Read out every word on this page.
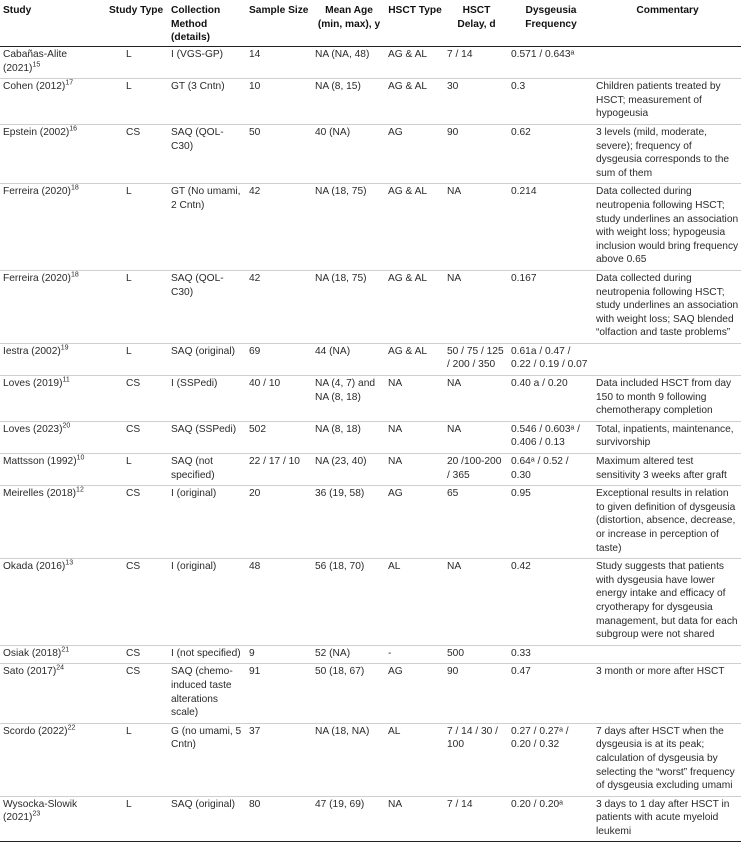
Study	Study Type	Collection Method (details)	Sample Size	Mean Age (min, max), y	HSCT Type	HSCT Delay, d	Dysgeusia Frequency	Commentary
Cabañas-Alite $(2021)^{15}$	L	I (VGS-GP)	14	NA (NA, 48)	AG & AL	7 / 14	0.571 / 0.643ᵃ	
Cohen $(2012)^{17}$	L	GT (3 Cntn)	10	NA (8, 15)	AG & AL	30	0.3	Children patients treated by HSCT; measurement of hypogeusia
Epstein $(2002)^{16}$	CS	SAQ (QOL-C30)	50	40 (NA)	AG	90	0.62	3 levels (mild, moderate, severe); frequency of dysgeusia corresponds to the sum of them
Ferreira $(2020)^{18}$	L	GT (No umami, 2 Cntn)	42	NA (18, 75)	AG & AL	NA	0.214	Data collected during neutropenia following HSCT; study underlines an association with weight loss; hypogeusia inclusion would bring frequency above 0.65
Ferreira $(2020)^{18}$	L	SAQ (QOL-C30)	42	NA (18, 75)	AG & AL	NA	0.167	Data collected during neutropenia following HSCT; study underlines an association with weight loss; SAQ blended “olfaction and taste problems”
Iestra $(2002)^{19}$	L	SAQ (original)	69	44 (NA)	AG & AL	50 / 75 / 125 / 200 / 350	0.61a / 0.47 / 0.22 / 0.19 / 0.07	
Loves $(2019)^{11}$	CS	I (SSPedi)	40 / 10	NA (4, 7) and NA (8, 18)	NA	NA	0.40 a / 0.20	Data included HSCT from day 150 to month 9 following chemotherapy completion
Loves $(2023)^{20}$	CS	SAQ (SSPedi)	502	NA (8, 18)	NA	NA	0.546 / 0.603ᵃ / 0.406 / 0.13	Total, inpatients, maintenance, survivorship
Mattsson $(1992)^{10}$	L	SAQ (not specified)	22 / 17 / 10	NA (23, 40)	NA	20 /100-200 / 365	0.64ᵃ / 0.52 / 0.30	Maximum altered test sensitivity 3 weeks after graft
Meirelles $(2018)^{12}$	CS	I (original)	20	36 (19, 58)	AG	65	0.95	Exceptional results in relation to given definition of dysgeusia (distortion, absence, decrease, or increase in perception of taste)
Okada $(2016)^{13}$	CS	I (original)	48	56 (18, 70)	AL	NA	0.42	Study suggests that patients with dysgeusia have lower energy intake and efficacy of cryotherapy for dysgeusia management, but data for each subgroup were not shared
Osiak $(2018)^{21}$	CS	I (not specified)	9	52 (NA)	-	500	0.33	
Sato $(2017)^{24}$	CS	SAQ (chemo-induced taste alterations scale)	91	50 (18, 67)	AG	90	0.47	3 month or more after HSCT
Scordo $(2022)^{22}$	L	G (no umami, 5 Cntn)	37	NA (18, NA)	AL	7 / 14 / 30 / 100	0.27 / 0.27ᵃ / 0.20 / 0.32	7 days after HSCT when the dysgeusia is at its peak; calculation of dysgeusia by selecting the “worst” frequency of dysgeusia excluding umami
Wysocka-Slowik $(2021)^{23}$	L	SAQ (original)	80	47 (19, 69)	NA	7 / 14	0.20 / 0.20ᵃ	3 days to 1 day after HSCT in patients with acute myeloid leukemi
